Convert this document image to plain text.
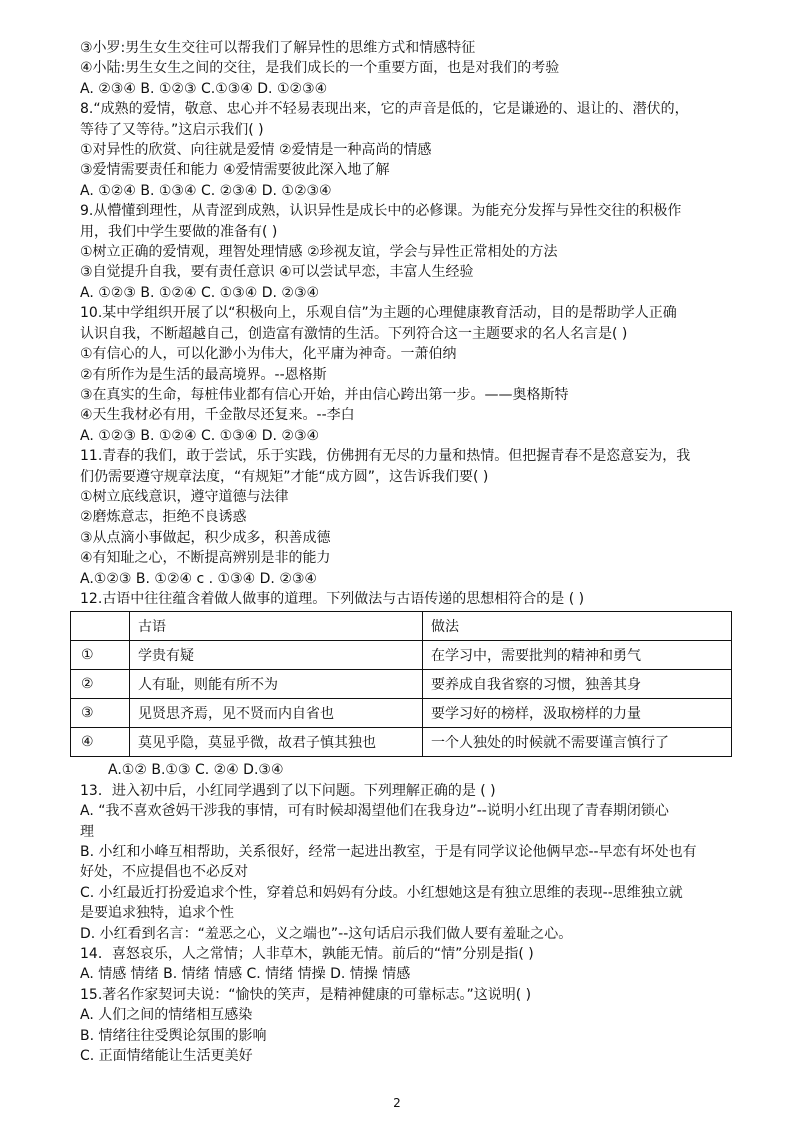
③小罗:男生女生交往可以帮我们了解异性的思维方式和情感特征
④小陆:男生女生之间的交往，是我们成长的一个重要方面，也是对我们的考验
A. ②③④ B. ①②③ C.①③④ D. ①②③④
8.“成熟的爱情，敬意、忠心并不轻易表现出来，它的声音是低的，它是谦逊的、退让的、潜伏的，
等待了又等待。”这启示我们( )
①对异性的欣赏、向往就是爱情 ②爱情是一种高尚的情感
③爱情需要责任和能力 ④爱情需要彼此深入地了解
A. ①②④ B. ①③④ C. ②③④ D. ①②③④
9.从懵懂到理性，从青涩到成熟，认识异性是成长中的必修课。为能充分发挥与异性交往的积极作
用，我们中学生要做的准备有( )
①树立正确的爱情观，理智处理情感 ②珍视友谊，学会与异性正常相处的方法
③自觉提升自我，要有责任意识 ④可以尝试早恋，丰富人生经验
A. ①②③ B. ①②④ C. ①③④ D. ②③④
10.某中学组织开展了以“积极向上，乐观自信”为主题的心理健康教育活动，目的是帮助学人正确
认识自我，不断超越自己，创造富有激情的生活。下列符合这一主题要求的名人名言是( )
①有信心的人，可以化渺小为伟大，化平庸为神奇。一萧伯纳
②有所作为是生活的最高境界。--恩格斯
③在真实的生命，每桩伟业都有信心开始，并由信心跨出第一步。——奥格斯特
④天生我材必有用，千金散尽还复来。--李白
A. ①②③ B. ①②④ C. ①③④ D. ②③④
11.青春的我们，敢于尝试，乐于实践，仿佛拥有无尽的力量和热情。但把握青春不是恣意妄为，我
们仍需要遵守规章法度，“有规矩”才能“成方圆”，这告诉我们要( )
①树立底线意识，遵守道德与法律
②磨炼意志，拒绝不良诱惑
③从点滴小事做起，积少成多，积善成德
④有知耻之心，不断提高辨别是非的能力
A.①②③ B. ①②④ c . ①③④ D. ②③④
12.古语中往往蕴含着做人做事的道理。下列做法与古语传递的思想相符合的是 ( )
	古语	做法
①	学贵有疑	在学习中，需要批判的精神和勇气
②	人有耻，则能有所不为	要养成自我省察的习惯，独善其身
③	见贤思齐焉，见不贤而内自省也	要学习好的榜样，汲取榜样的力量
④	莫见乎隐，莫显乎微，故君子慎其独也	一个人独处的时候就不需要谨言慎行了
A.①② B.①③ C. ②④ D.③④
13．进入初中后，小红同学遇到了以下问题。下列理解正确的是 ( )
A. “我不喜欢爸妈干涉我的事情，可有时候却渴望他们在我身边”--说明小红出现了青春期闭锁心
理
B. 小红和小峰互相帮助，关系很好，经常一起进出教室，于是有同学议论他俩早恋--早恋有坏处也有
好处，不应提倡也不必反对
C. 小红最近打扮爱追求个性，穿着总和妈妈有分歧。小红想她这是有独立思维的表现--思维独立就
是要追求独特，追求个性
D. 小红看到名言：“羞恶之心，义之端也”--这句话启示我们做人要有羞耻之心。
14．喜怒哀乐，人之常情；人非草木，孰能无情。前后的“情”分别是指( )
A. 情感 情绪 B. 情绪 情感 C. 情绪 情操 D. 情操 情感
15.著名作家契诃夫说：“愉快的笑声，是精神健康的可靠标志。”这说明( )
A. 人们之间的情绪相互感染
B. 情绪往往受舆论氛围的影响
C. 正面情绪能让生活更美好
2
